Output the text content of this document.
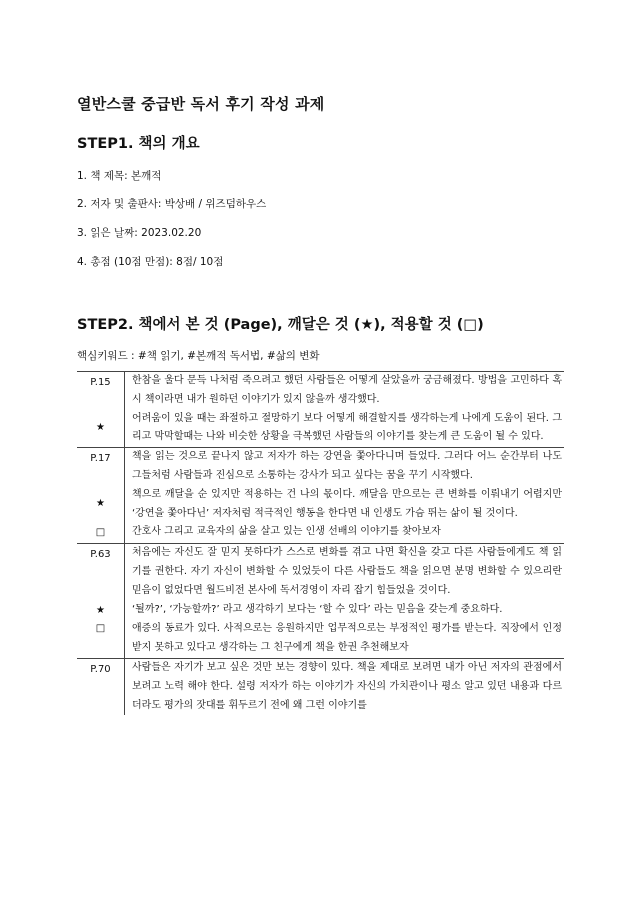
열반스쿨 중급반 독서 후기 작성 과제
STEP1. 책의 개요
1. 책 제목: 본깨적
2. 저자 및 출판사: 박상배 / 위즈덤하우스
3. 읽은 날짜: 2023.02.20
4. 총점 (10점 만점): 8점/ 10점
STEP2. 책에서 본 것 (Page), 깨달은 것 (★), 적용할 것 (□)
핵심키워드 : #책 읽기, #본깨적 독서법, #삶의 변화
P.15	한참을 울다 문득 나처럼 죽으려고 했던 사람들은 어떻게 살았을까 궁금해졌다. 방법을 고민하다 혹시 책이라면 내가 원하던 이야기가 있지 않을까 생각했다.
★	어려움이 있을 때는 좌절하고 절망하기 보다 어떻게 해결할지를 생각하는게 나에게 도움이 된다. 그리고 막막할때는 나와 비슷한 상황을 극복했던 사람들의 이야기를 찾는게 큰 도움이 될 수 있다.
P.17	책을 읽는 것으로 끝나지 않고 저자가 하는 강연을 쫓아다니며 들었다. 그러다 어느 순간부터 나도 그들처럼 사람들과 진심으로 소통하는 강사가 되고 싶다는 꿈을 꾸기 시작했다.
★	책으로 깨달을 순 있지만 적용하는 건 나의 몫이다. 깨달음 만으로는 큰 변화를 이뤄내기 어렵지만 ‘강연을 쫓아다닌’ 저자처럼 적극적인 행동을 한다면 내 인생도 가슴 뛰는 삶이 될 것이다.
□	간호사 그리고 교육자의 삶을 살고 있는 인생 선배의 이야기를 찾아보자
P.63	처음에는 자신도 잘 믿지 못하다가 스스로 변화를 겪고 나면 확신을 갖고 다른 사람들에게도 책 읽기를 권한다. 자기 자신이 변화할 수 있었듯이 다른 사람들도 책을 읽으면 분명 변화할 수 있으리란 믿음이 없었다면 월드비전 본사에 독서경영이 자리 잡기 힘들었을 것이다.
★	‘될까?’, ‘가능할까?’ 라고 생각하기 보다는 ‘할 수 있다’ 라는 믿음을 갖는게 중요하다.
□	애증의 동료가 있다. 사적으로는 응원하지만 업무적으로는 부정적인 평가를 받는다. 직장에서 인정받지 못하고 있다고 생각하는 그 친구에게 책을 한권 추천해보자
P.70	사람들은 자기가 보고 싶은 것만 보는 경향이 있다. 책을 제대로 보려면 내가 아닌 저자의 관점에서 보려고 노력 해야 한다. 설령 저자가 하는 이야기가 자신의 가치관이나 평소 알고 있던 내용과 다르더라도 평가의 잣대를 휘두르기 전에 왜 그런 이야기를
